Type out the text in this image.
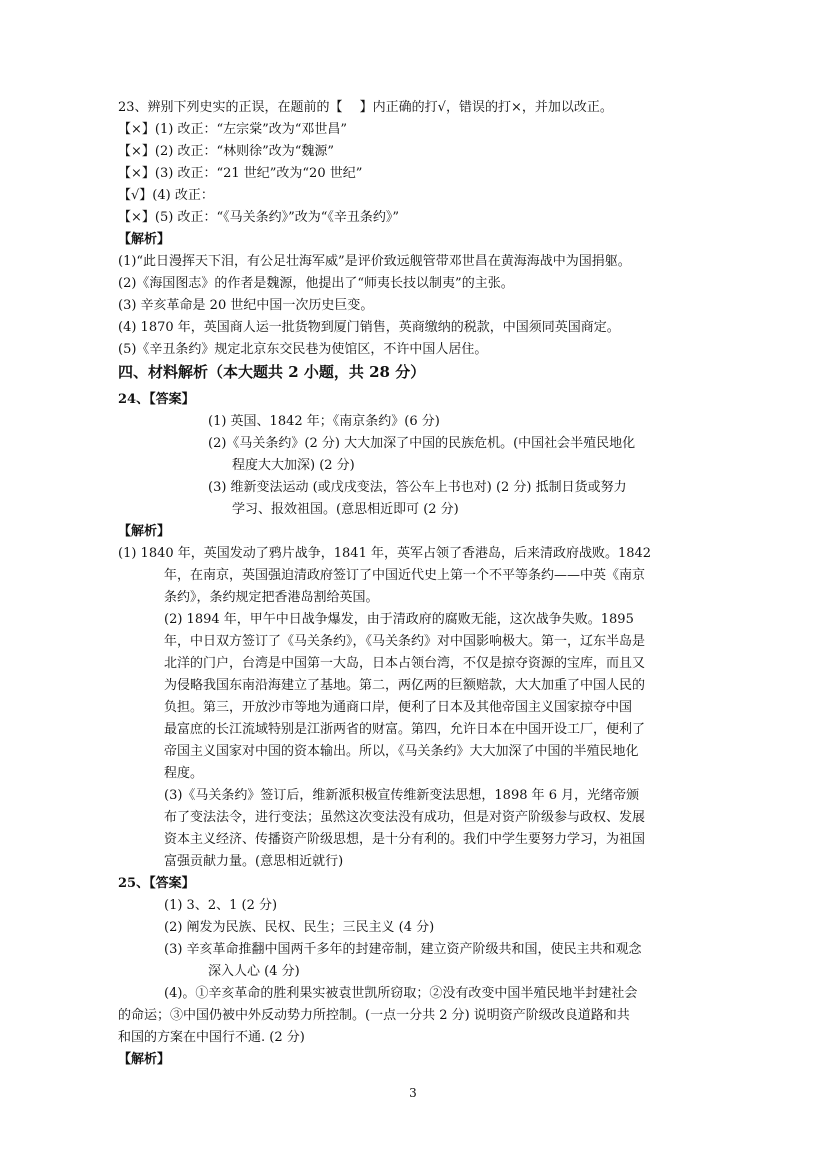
23、辨别下列史实的正误，在题前的【　 】内正确的打√，错误的打×，并加以改正。
【×】(1) 改正：“左宗棠”改为“邓世昌”
【×】(2) 改正：“林则徐”改为“魏源”
【×】(3) 改正：“21 世纪”改为“20 世纪”
【√】(4) 改正：
【×】(5) 改正：“《马关条约》”改为“《辛丑条约》”
【解析】
(1)“此日漫挥天下泪，有公足壮海军威”是评价致远舰管带邓世昌在黄海海战中为国捐躯。
(2)《海国图志》的作者是魏源，他提出了“师夷长技以制夷”的主张。
(3) 辛亥革命是 20 世纪中国一次历史巨变。
(4) 1870 年，英国商人运一批货物到厦门销售，英商缴纳的税款，中国须同英国商定。
(5)《辛丑条约》规定北京东交民巷为使馆区，不许中国人居住。
四、材料解析（本大题共 2 小题，共 28 分）
24、【答案】
(1) 英国、1842 年；《南京条约》(6 分)
(2)《马关条约》(2 分) 大大加深了中国的民族危机。(中国社会半殖民地化
程度大大加深) (2 分)
(3) 维新变法运动 (或戊戌变法，答公车上书也对) (2 分) 抵制日货或努力
学习、报效祖国。(意思相近即可 (2 分)
【解析】
(1) 1840 年，英国发动了鸦片战争，1841 年，英军占领了香港岛，后来清政府战败。1842
年，在南京，英国强迫清政府签订了中国近代史上第一个不平等条约——中英《南京
条约》，条约规定把香港岛割给英国。
(2) 1894 年，甲午中日战争爆发，由于清政府的腐败无能，这次战争失败。1895
年，中日双方签订了《马关条约》，《马关条约》对中国影响极大。第一，辽东半岛是
北洋的门户，台湾是中国第一大岛，日本占领台湾，不仅是掠夺资源的宝库，而且又
为侵略我国东南沿海建立了基地。第二，两亿两的巨额赔款，大大加重了中国人民的
负担。第三，开放沙市等地为通商口岸，便利了日本及其他帝国主义国家掠夺中国
最富庶的长江流域特别是江浙两省的财富。第四，允许日本在中国开设工厂，便利了
帝国主义国家对中国的资本输出。所以，《马关条约》大大加深了中国的半殖民地化
程度。
(3)《马关条约》签订后，维新派积极宣传维新变法思想，1898 年 6 月，光绪帝颁
布了变法法令，进行变法；虽然这次变法没有成功，但是对资产阶级参与政权、发展
资本主义经济、传播资产阶级思想，是十分有利的。我们中学生要努力学习，为祖国
富强贡献力量。(意思相近就行)
25、【答案】
(1) 3、2、1 (2 分)
(2) 阐发为民族、民权、民生；三民主义 (4 分)
(3) 辛亥革命推翻中国两千多年的封建帝制，建立资产阶级共和国，使民主共和观念
深入人心 (4 分)
(4)。①辛亥革命的胜利果实被袁世凯所窃取；②没有改变中国半殖民地半封建社会
的命运；③中国仍被中外反动势力所控制。(一点一分共 2 分) 说明资产阶级改良道路和共
和国的方案在中国行不通. (2 分)
【解析】
3
